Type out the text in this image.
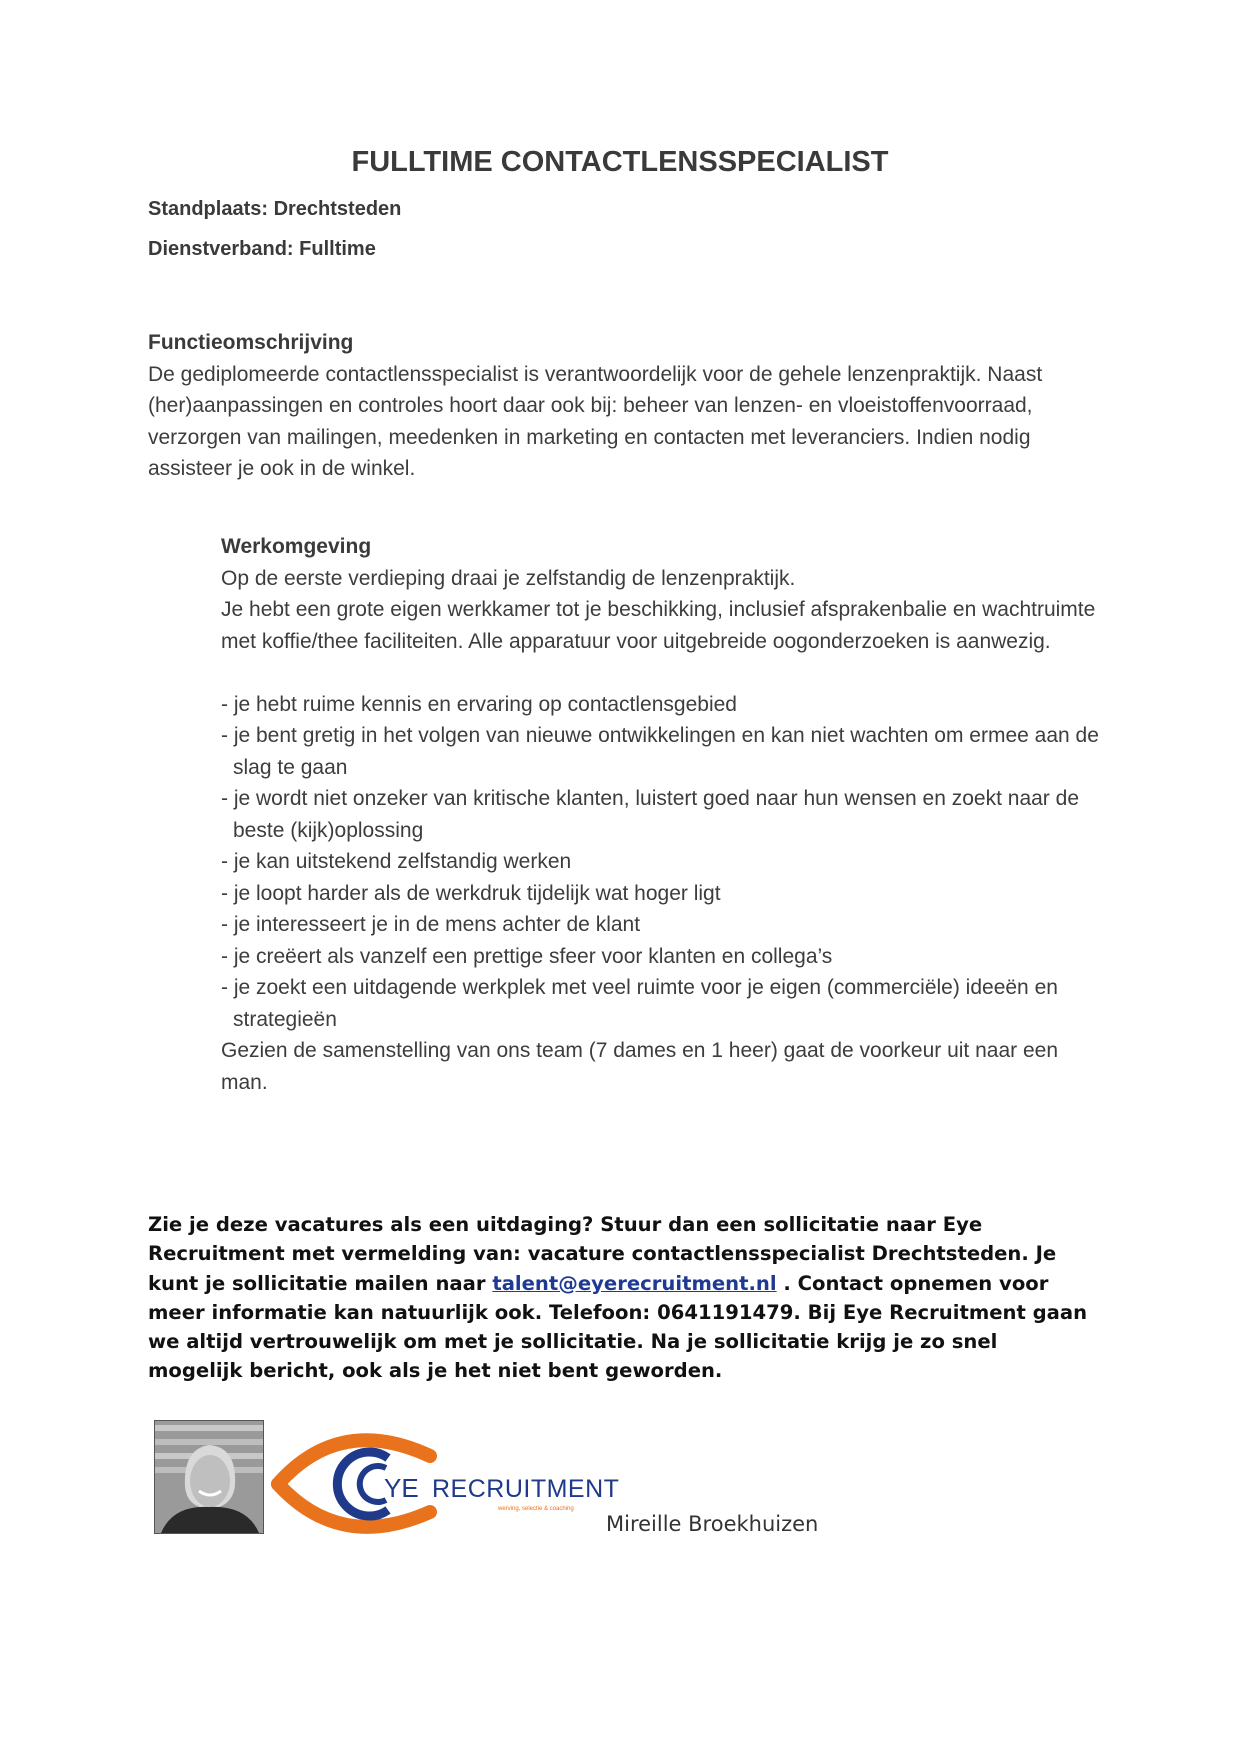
FULLTIME CONTACTLENSSPECIALIST
Standplaats: Drechtsteden
Dienstverband: Fulltime
Functieomschrijving

De gediplomeerde contactlensspecialist is verantwoordelijk voor de gehele lenzenpraktijk. Naast (her)aanpassingen en controles hoort daar ook bij: beheer van lenzen- en vloeistoffenvoorraad, verzorgen van mailingen, meedenken in marketing en contacten met leveranciers. Indien nodig assisteer je ook in de winkel.

Werkomgeving

Op de eerste verdieping draai je zelfstandig de lenzenpraktijk.

Je hebt een grote eigen werkkamer tot je beschikking, inclusief afsprakenbalie en wachtruimte met koffie/thee faciliteiten. Alle apparatuur voor uitgebreide oogonderzoeken is aanwezig.

- je hebt ruime kennis en ervaring op contactlensgebied
- je bent gretig in het volgen van nieuwe ontwikkelingen en kan niet wachten om ermee aan de slag te gaan
- je wordt niet onzeker van kritische klanten, luistert goed naar hun wensen en zoekt naar de beste (kijk)oplossing
- je kan uitstekend zelfstandig werken
- je loopt harder als de werkdruk tijdelijk wat hoger ligt
- je interesseert je in de mens achter de klant
- je creëert als vanzelf een prettige sfeer voor klanten en collega’s
- je zoekt een uitdagende werkplek met veel ruimte voor je eigen (commerciële) ideeën en strategieën

Gezien de samenstelling van ons team (7 dames en 1 heer) gaat de voorkeur uit naar een man.

Zie je deze vacatures als een uitdaging? Stuur dan een sollicitatie naar Eye Recruitment met vermelding van: vacature contactlensspecialist Drechtsteden. Je kunt je sollicitatie mailen naar talent@eyerecruitment.nl . Contact opnemen voor meer informatie kan natuurlijk ook. Telefoon: 0641191479. Bij Eye Recruitment gaan we altijd vertrouwelijk om met je sollicitatie. Na je sollicitatie krijg je zo snel mogelijk bericht, ook als je het niet bent geworden.

YE RECRUITMENT
werving, selectie & coaching
Mireille Broekhuizen
